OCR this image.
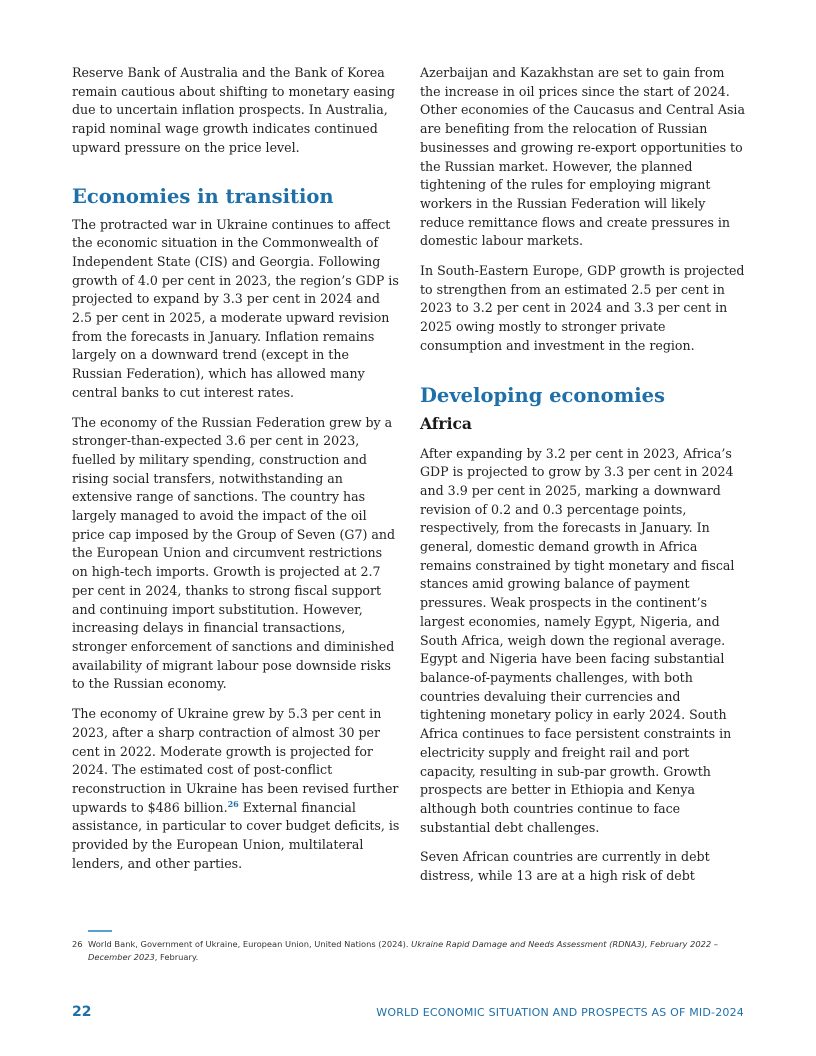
Reserve Bank of Australia and the Bank of Korea remain cautious about shifting to monetary easing due to uncertain inflation prospects. In Australia, rapid nominal wage growth indicates continued upward pressure on the price level.

Economies in transition

The protracted war in Ukraine continues to affect the economic situation in the Commonwealth of Independent State (CIS) and Georgia. Following growth of 4.0 per cent in 2023, the region’s GDP is projected to expand by 3.3 per cent in 2024 and 2.5 per cent in 2025, a moderate upward revision from the forecasts in January. Inflation remains largely on a downward trend (except in the Russian Federation), which has allowed many central banks to cut interest rates.

The economy of the Russian Federation grew by a stronger-than-expected 3.6 per cent in 2023, fuelled by military spending, construction and rising social transfers, notwithstanding an extensive range of sanctions. The country has largely managed to avoid the impact of the oil price cap imposed by the Group of Seven (G7) and the European Union and circumvent restrictions on high-tech imports. Growth is projected at 2.7 per cent in 2024, thanks to strong fiscal support and continuing import substitution. However, increasing delays in financial transactions, stronger enforcement of sanctions and diminished availability of migrant labour pose downside risks to the Russian economy.

The economy of Ukraine grew by 5.3 per cent in 2023, after a sharp contraction of almost 30 per cent in 2022. Moderate growth is projected for 2024. The estimated cost of post-conflict reconstruction in Ukraine has been revised further upwards to $486 billion.$^{26}$ External financial assistance, in particular to cover budget deficits, is provided by the European Union, multilateral lenders, and other parties.

Azerbaijan and Kazakhstan are set to gain from the increase in oil prices since the start of 2024. Other economies of the Caucasus and Central Asia are benefiting from the relocation of Russian businesses and growing re-export opportunities to the Russian market. However, the planned tightening of the rules for employing migrant workers in the Russian Federation will likely reduce remittance flows and create pressures in domestic labour markets.

In South-Eastern Europe, GDP growth is projected to strengthen from an estimated 2.5 per cent in 2023 to 3.2 per cent in 2024 and 3.3 per cent in 2025 owing mostly to stronger private consumption and investment in the region.

Developing economies
Africa

After expanding by 3.2 per cent in 2023, Africa’s GDP is projected to grow by 3.3 per cent in 2024 and 3.9 per cent in 2025, marking a downward revision of 0.2 and 0.3 percentage points, respectively, from the forecasts in January. In general, domestic demand growth in Africa remains constrained by tight monetary and fiscal stances amid growing balance of payment pressures. Weak prospects in the continent’s largest economies, namely Egypt, Nigeria, and South Africa, weigh down the regional average. Egypt and Nigeria have been facing substantial balance-of-payments challenges, with both countries devaluing their currencies and tightening monetary policy in early 2024. South Africa continues to face persistent constraints in electricity supply and freight rail and port capacity, resulting in sub-par growth. Growth prospects are better in Ethiopia and Kenya although both countries continue to face substantial debt challenges.

Seven African countries are currently in debt distress, while 13 are at a high risk of debt

26 World Bank, Government of Ukraine, European Union, United Nations (2024). Ukraine Rapid Damage and Needs Assessment (RDNA3), February 2022 – December 2023, February.
22	WORLD ECONOMIC SITUATION AND PROSPECTS AS OF MID-2024
